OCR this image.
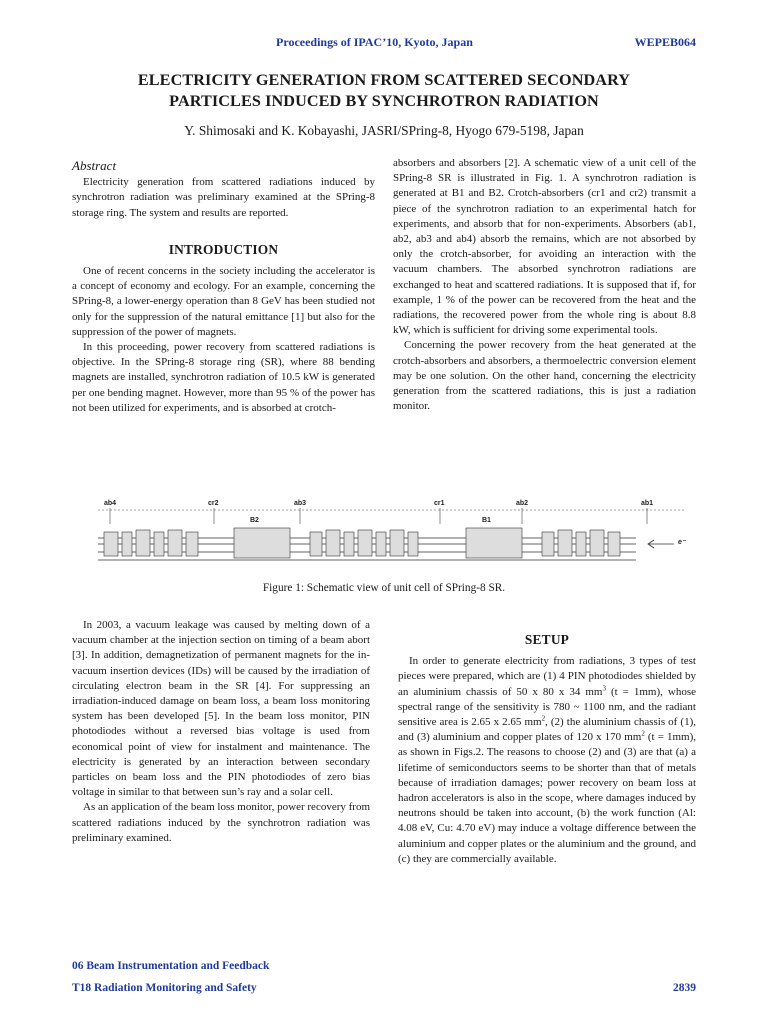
Proceedings of IPAC’10, Kyoto, Japan	WEPEB064
ELECTRICITY GENERATION FROM SCATTERED SECONDARY
PARTICLES INDUCED BY SYNCHROTRON RADIATION
Y. Shimosaki and K. Kobayashi, JASRI/SPring-8, Hyogo 679-5198, Japan
Abstract

Electricity generation from scattered radiations induced by synchrotron radiation was preliminary examined at the SPring-8 storage ring. The system and results are reported.

INTRODUCTION

One of recent concerns in the society including the accelerator is a concept of economy and ecology. For an example, concerning the SPring-8, a lower-energy operation than 8 GeV has been studied not only for the suppression of the natural emittance [1] but also for the suppression of the power of magnets.

In this proceeding, power recovery from scattered radiations is objective. In the SPring-8 storage ring (SR), where 88 bending magnets are installed, synchrotron radiation of 10.5 kW is generated per one bending magnet. However, more than 95 % of the power has not been utilized for experiments, and is absorbed at crotch-

absorbers and absorbers [2]. A schematic view of a unit cell of the SPring-8 SR is illustrated in Fig. 1. A synchrotron radiation is generated at B1 and B2. Crotch-absorbers (cr1 and cr2) transmit a piece of the synchrotron radiation to an experimental hatch for experiments, and absorb that for non-experiments. Absorbers (ab1, ab2, ab3 and ab4) absorb the remains, which are not absorbed by only the crotch-absorber, for avoiding an interaction with the vacuum chambers. The absorbed synchrotron radiations are exchanged to heat and scattered radiations. It is supposed that if, for example, 1 % of the power can be recovered from the heat and the radiations, the recovered power from the whole ring is about 8.8 kW, which is sufficient for driving some experimental tools.

Concerning the power recovery from the heat generated at the crotch-absorbers and absorbers, a thermoelectric conversion element may be one solution. On the other hand, concerning the electricity generation from the scattered radiations, this is just a radiation monitor.

ab4	cr2	ab3	cr1	ab2	ab1
B2	B1
e⁻
Figure 1: Schematic view of unit cell of SPring-8 SR.

In 2003, a vacuum leakage was caused by melting down of a vacuum chamber at the injection section on timing of a beam abort [3]. In addition, demagnetization of permanent magnets for the in-vacuum insertion devices (IDs) will be caused by the irradiation of circulating electron beam in the SR [4]. For suppressing an irradiation-induced damage on beam loss, a beam loss monitoring system has been developed [5]. In the beam loss monitor, PIN photodiodes without a reversed bias voltage is used from economical point of view for instalment and maintenance. The electricity is generated by an interaction between secondary particles on beam loss and the PIN photodiodes of zero bias voltage in similar to that between sun’s ray and a solar cell.

As an application of the beam loss monitor, power recovery from scattered radiations induced by the synchrotron radiation was preliminary examined.

SETUP

In order to generate electricity from radiations, 3 types of test pieces were prepared, which are (1) 4 PIN photodiodes shielded by an aluminium chassis of 50 x 80 x 34 $mm^3$ (t = 1mm), whose spectral range of the sensitivity is 780 ~ 1100 nm, and the radiant sensitive area is 2.65 x 2.65 $mm^2$, (2) the aluminium chassis of (1), and (3) aluminium and copper plates of 120 x 170 $mm^2$ (t = 1mm), as shown in Figs.2. The reasons to choose (2) and (3) are that (a) a lifetime of semiconductors seems to be shorter than that of metals because of irradiation damages; power recovery on beam loss at hadron accelerators is also in the scope, where damages induced by neutrons should be taken into account, (b) the work function (Al: 4.08 eV, Cu: 4.70 eV) may induce a voltage difference between the aluminium and copper plates or the aluminium and the ground, and (c) they are commercially available.

06 Beam Instrumentation and Feedback
T18 Radiation Monitoring and Safety	2839
